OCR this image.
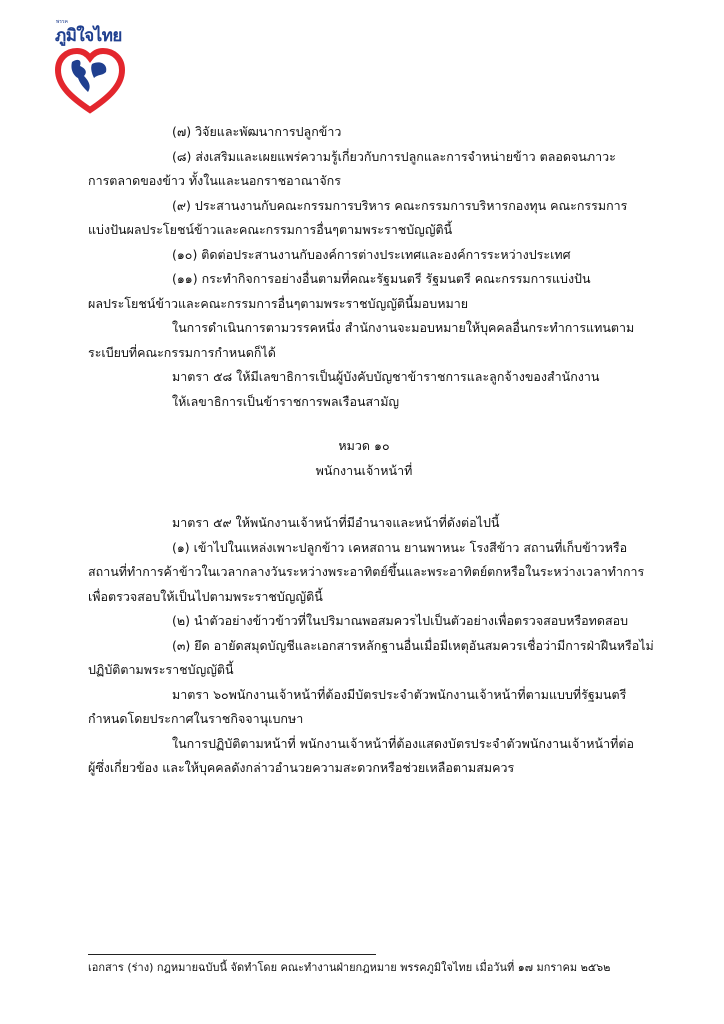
พรรค
ภูมิใจไทย
(๗) วิจัยและพัฒนาการปลูกข้าว
(๘) ส่งเสริมและเผยแพร่ความรู้เกี่ยวกับการปลูกและการจำหน่ายข้าว ตลอดจนภาวะ
การตลาดของข้าว ทั้งในและนอกราชอาณาจักร
(๙) ประสานงานกับคณะกรรมการบริหาร คณะกรรมการบริหารกองทุน คณะกรรมการ
แบ่งปันผลประโยชน์ข้าวและคณะกรรมการอื่นๆตามพระราชบัญญัตินี้
(๑๐) ติดต่อประสานงานกับองค์การต่างประเทศและองค์การระหว่างประเทศ
(๑๑) กระทำกิจการอย่างอื่นตามที่คณะรัฐมนตรี รัฐมนตรี คณะกรรมการแบ่งปัน
ผลประโยชน์ข้าวและคณะกรรมการอื่นๆตามพระราชบัญญัตินี้มอบหมาย
ในการดำเนินการตามวรรคหนึ่ง สำนักงานจะมอบหมายให้บุคคลอื่นกระทำการแทนตาม
ระเบียบที่คณะกรรมการกำหนดก็ได้
มาตรา ๕๘ ให้มีเลขาธิการเป็นผู้บังคับบัญชาข้าราชการและลูกจ้างของสำนักงาน
ให้เลขาธิการเป็นข้าราชการพลเรือนสามัญ
หมวด ๑๐
พนักงานเจ้าหน้าที่
มาตรา ๕๙ ให้พนักงานเจ้าหน้าที่มีอำนาจและหน้าที่ดังต่อไปนี้
(๑) เข้าไปในแหล่งเพาะปลูกข้าว เคหสถาน ยานพาหนะ โรงสีข้าว สถานที่เก็บข้าวหรือ
สถานที่ทำการค้าข้าวในเวลากลางวันระหว่างพระอาทิตย์ขึ้นและพระอาทิตย์ตกหรือในระหว่างเวลาทำการ
เพื่อตรวจสอบให้เป็นไปตามพระราชบัญญัตินี้
(๒) นำตัวอย่างข้าวข้าวที่ในปริมาณพอสมควรไปเป็นตัวอย่างเพื่อตรวจสอบหรือทดสอบ
(๓) ยึด อายัดสมุดบัญชีและเอกสารหลักฐานอื่นเมื่อมีเหตุอันสมควรเชื่อว่ามีการฝ่าฝืนหรือไม่
ปฏิบัติตามพระราชบัญญัตินี้
มาตรา ๖๐พนักงานเจ้าหน้าที่ต้องมีบัตรประจำตัวพนักงานเจ้าหน้าที่ตามแบบที่รัฐมนตรี
กำหนดโดยประกาศในราชกิจจานุเบกษา
ในการปฏิบัติตามหน้าที่ พนักงานเจ้าหน้าที่ต้องแสดงบัตรประจำตัวพนักงานเจ้าหน้าที่ต่อ
ผู้ซึ่งเกี่ยวข้อง และให้บุคคลดังกล่าวอำนวยความสะดวกหรือช่วยเหลือตามสมควร
เอกสาร (ร่าง) กฎหมายฉบับนี้ จัดทำโดย คณะทำงานฝ่ายกฎหมาย พรรคภูมิใจไทย เมื่อวันที่ ๑๗ มกราคม ๒๕๖๒
